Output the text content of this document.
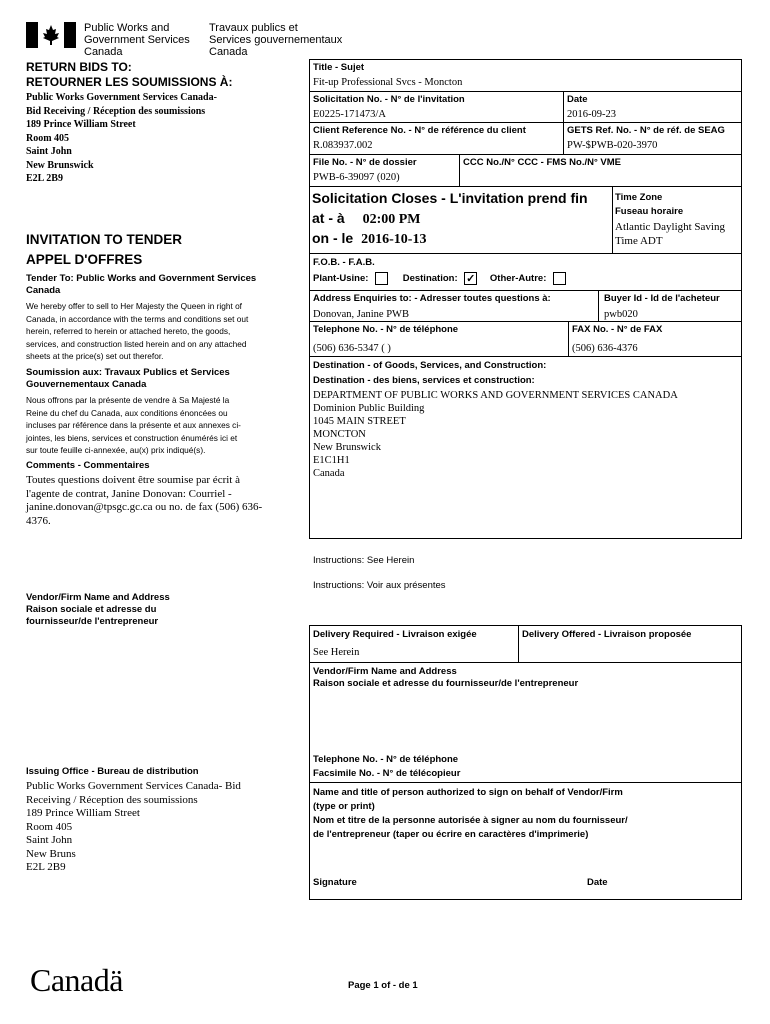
Public Works and
Government Services
Canada
Travaux publics et
Services gouvernementaux
Canada
RETURN BIDS TO:
RETOURNER LES SOUMISSIONS À:
Public Works Government Services Canada-
Bid Receiving / Réception des soumissions
189 Prince William Street
Room 405
Saint John
New Brunswick
E2L 2B9
INVITATION TO TENDER
APPEL D'OFFRES
Tender To: Public Works and Government Services Canada
We hereby offer to sell to Her Majesty the Queen in right of Canada, in accordance with the terms and conditions set out herein, referred to herein or attached hereto, the goods, services, and construction listed herein and on any attached sheets at the price(s) set out therefor.
Soumission aux: Travaux Publics et Services Gouvernementaux Canada
Nous offrons par la présente de vendre à Sa Majesté la Reine du chef du Canada, aux conditions énoncées ou incluses par référence dans la présente et aux annexes ci-jointes, les biens, services et construction énumérés ici et sur toute feuille ci-annexée, au(x) prix indiqué(s).
Comments - Commentaires
Toutes questions doivent être soumise par écrit à l'agente de contrat, Janine Donovan: Courriel - janine.donovan@tpsgc.gc.ca ou no. de fax (506) 636-4376.
Vendor/Firm Name and Address
Raison sociale et adresse du
fournisseur/de l'entrepreneur
Issuing Office - Bureau de distribution
Public Works Government Services Canada- Bid Receiving / Réception des soumissions
189 Prince William Street
Room 405
Saint John
New Bruns
E2L 2B9
Title - Sujet
Fit-up Professional Svcs - Moncton
Solicitation No. - N° de l'invitation
E0225-171473/A
Date
2016-09-23
Client Reference No. - N° de référence du client
R.083937.002
GETS Ref. No. - N° de réf. de SEAG
PW-$PWB-020-3970
File No. - N° de dossier
PWB-6-39097 (020)
CCC No./N° CCC - FMS No./N° VME
Solicitation Closes - L'invitation prend fin
at - à 02:00 PM
on - le 2016-10-13
Time Zone
Fuseau horaire
Atlantic Daylight Saving Time ADT
F.O.B. - F.A.B.
Plant-Usine:	Destination: ✓ Other-Autre:
Address Enquiries to: - Adresser toutes questions à:
Donovan, Janine PWB
Buyer Id - Id de l'acheteur
pwb020
Telephone No. - N° de téléphone
(506) 636-5347 ( )
FAX No. - N° de FAX
(506) 636-4376
Destination - of Goods, Services, and Construction:
Destination - des biens, services et construction:
DEPARTMENT OF PUBLIC WORKS AND GOVERNMENT SERVICES CANADA
Dominion Public Building
1045 MAIN STREET
MONCTON
New Brunswick
E1C1H1
Canada
Instructions: See Herein
Instructions: Voir aux présentes
Delivery Required - Livraison exigée
See Herein
Delivery Offered - Livraison proposée
Vendor/Firm Name and Address
Raison sociale et adresse du fournisseur/de l'entrepreneur
Telephone No. - N° de téléphone
Facsimile No. - N° de télécopieur
Name and title of person authorized to sign on behalf of Vendor/Firm
(type or print)
Nom et titre de la personne autorisée à signer au nom du fournisseur/
de l'entrepreneur (taper ou écrire en caractères d'imprimerie)
Signature	Date
Canadä	Page 1 of - de 1
